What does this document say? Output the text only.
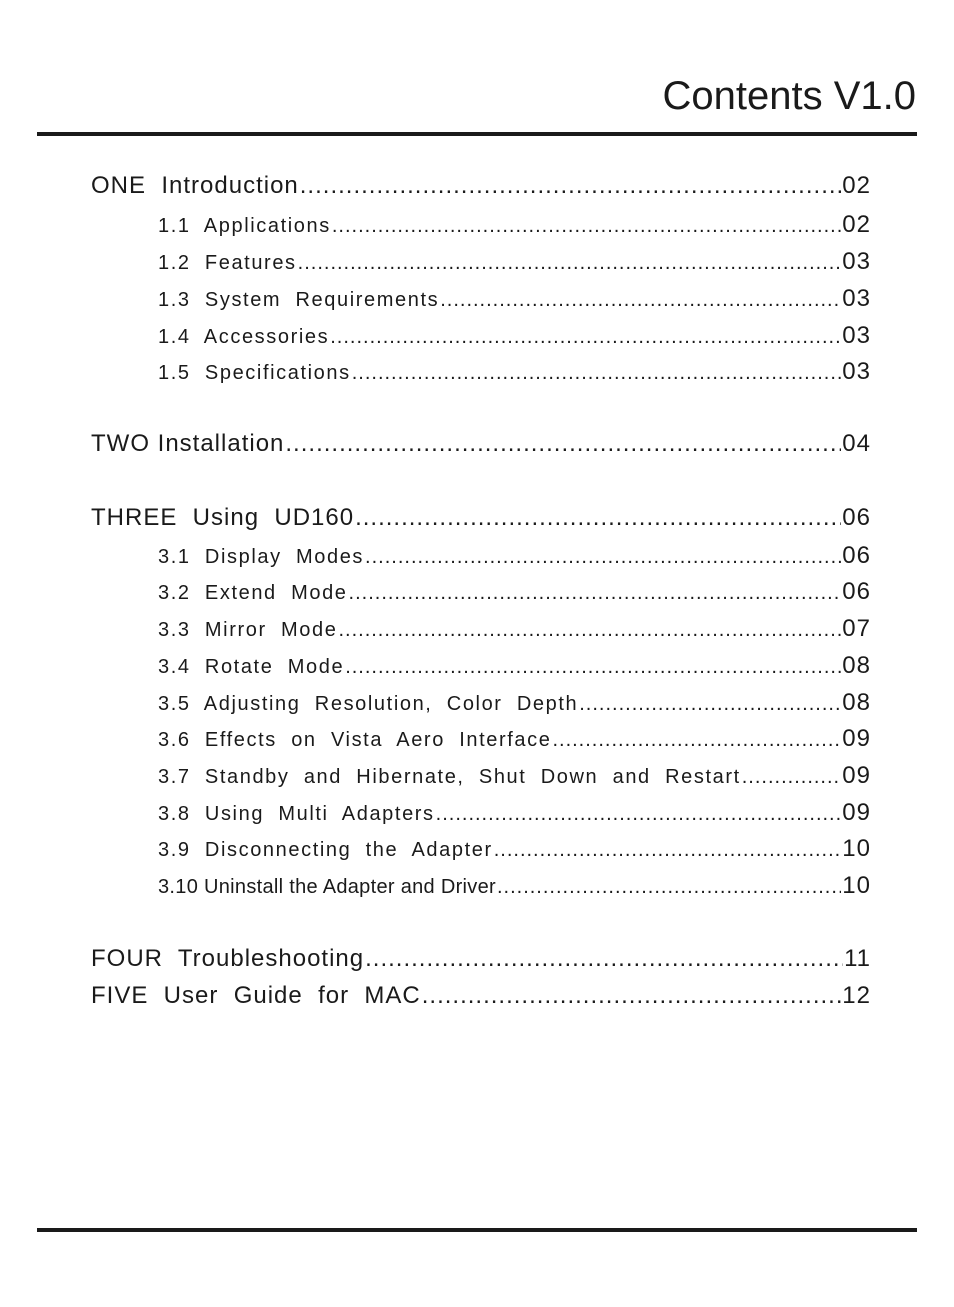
Contents V1.0
ONE  Introduction .....	02
1.1  Applications .....	02
1.2  Features .....	03
1.3  System  Requirements .....	03
1.4  Accessories .....	03
1.5  Specifications .....	03
TWO Installation .....	04
THREE  Using  UD160 .....	06
3.1  Display  Modes .....	06
3.2  Extend  Mode .....	06
3.3  Mirror  Mode .....	07
3.4  Rotate  Mode .....	08
3.5  Adjusting  Resolution,  Color  Depth .....	08
3.6  Effects  on  Vista  Aero  Interface .....	09
3.7  Standby  and  Hibernate,  Shut  Down  and  Restart .....	09
3.8  Using  Multi  Adapters .....	09
3.9  Disconnecting  the  Adapter .....	10
3.10 Uninstall the Adapter and Driver .....	10
FOUR  Troubleshooting .....	11
FIVE  User  Guide  for  MAC .....	12
